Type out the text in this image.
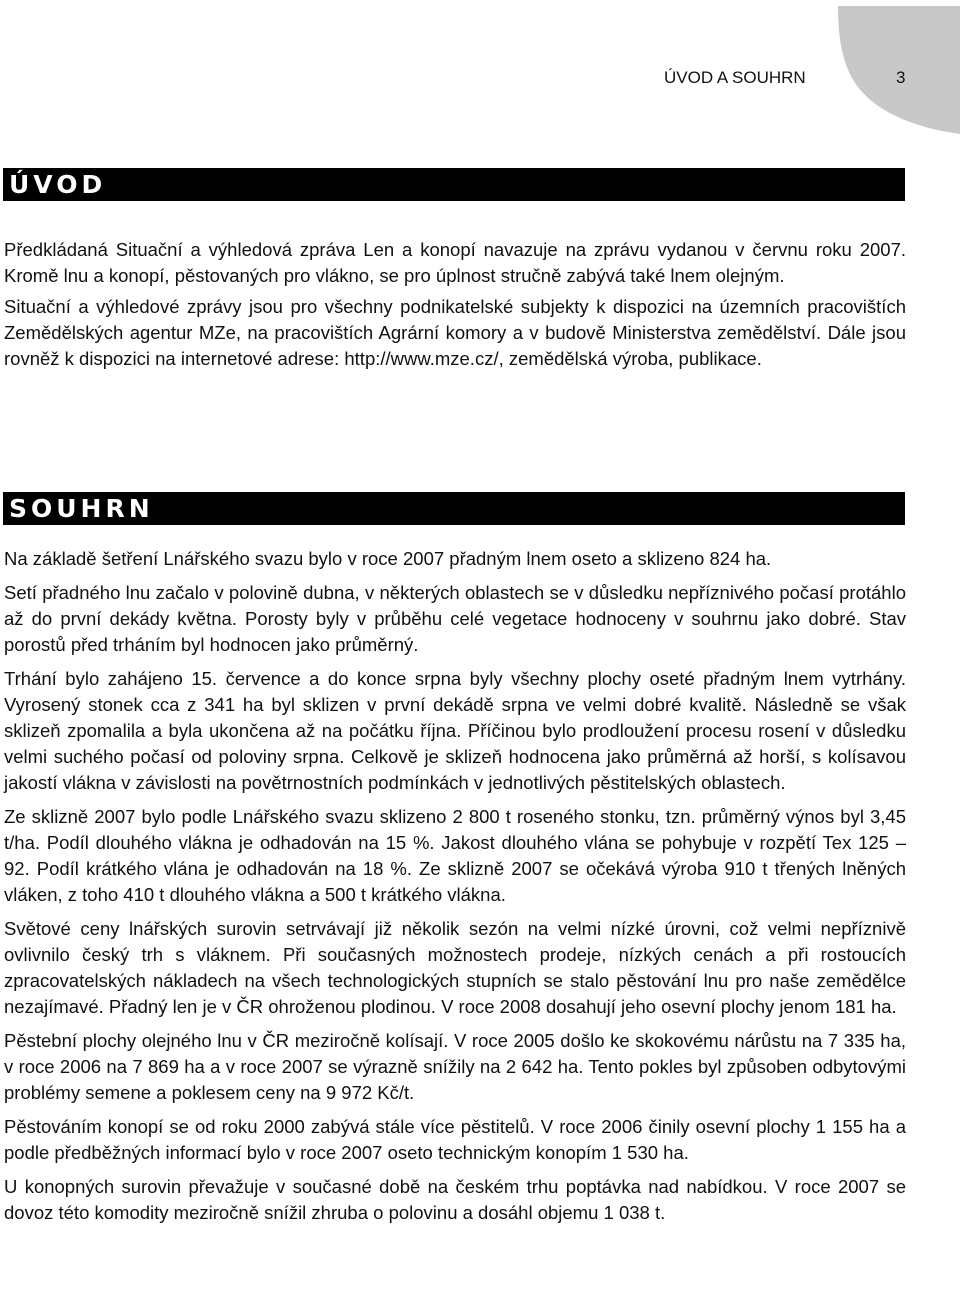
ÚVOD A SOUHRN	3
ÚVOD

Předkládaná Situační a výhledová zpráva Len a konopí navazuje na zprávu vydanou v červnu roku 2007. Kromě lnu a konopí, pěstovaných pro vlákno, se pro úplnost stručně zabývá také lnem olejným.

Situační a výhledové zprávy jsou pro všechny podnikatelské subjekty k dispozici na územních pracovištích Zemědělských agentur MZe, na pracovištích Agrární komory a v budově Ministerstva zemědělství. Dále jsou rovněž k dispozici na internetové adrese: http://www.mze.cz/, zemědělská výroba, publikace.

SOUHRN

Na základě šetření Lnářského svazu bylo v roce 2007 přadným lnem oseto a sklizeno 824 ha.

Setí přadného lnu začalo v polovině dubna, v některých oblastech se v důsledku nepříznivého počasí protáhlo až do první dekády května. Porosty byly v průběhu celé vegetace hodnoceny v souhrnu jako dobré. Stav porostů před trháním byl hodnocen jako průměrný.

Trhání bylo zahájeno 15. července a do konce srpna byly všechny plochy oseté přadným lnem vytrhány. Vyrosený stonek cca z 341 ha byl sklizen v první dekádě srpna ve velmi dobré kvalitě. Následně se však sklizeň zpomalila a byla ukončena až na počátku října. Příčinou bylo prodloužení procesu rosení v důsledku velmi suchého počasí od poloviny srpna. Celkově je sklizeň hodnocena jako průměrná až horší, s kolísavou jakostí vlákna v závislosti na povětrnostních podmínkách v jednotlivých pěstitelských oblastech.

Ze sklizně 2007 bylo podle Lnářského svazu sklizeno 2 800 t roseného stonku, tzn. průměrný výnos byl 3,45 t/ha. Podíl dlouhého vlákna je odhadován na 15 %. Jakost dlouhého vlána se pohybuje v rozpětí Tex 125 – 92. Podíl krátkého vlána je odhadován na 18 %. Ze sklizně 2007 se očekává výroba 910 t třených lněných vláken, z toho 410 t dlouhého vlákna a 500 t krátkého vlákna.

Světové ceny lnářských surovin setrvávají již několik sezón na velmi nízké úrovni, což velmi nepříznivě ovlivnilo český trh s vláknem. Při současných možnostech prodeje, nízkých cenách a při rostoucích zpracovatelských nákladech na všech technologických stupních se stalo pěstování lnu pro naše zemědělce nezajímavé. Přadný len je v ČR ohroženou plodinou. V roce 2008 dosahují jeho osevní plochy jenom 181 ha.

Pěstební plochy olejného lnu v ČR meziročně kolísají. V roce 2005 došlo ke skokovému nárůstu na 7 335 ha, v roce 2006 na 7 869 ha a v roce 2007 se výrazně snížily na 2 642 ha. Tento pokles byl způsoben odbytovými problémy semene a poklesem ceny na 9 972 Kč/t.

Pěstováním konopí se od roku 2000 zabývá stále více pěstitelů. V roce 2006 činily osevní plochy 1 155 ha a podle předběžných informací bylo v roce 2007 oseto technickým konopím 1 530 ha.

U konopných surovin převažuje v současné době na českém trhu poptávka nad nabídkou. V roce 2007 se dovoz této komodity meziročně snížil zhruba o polovinu a dosáhl objemu 1 038 t.
